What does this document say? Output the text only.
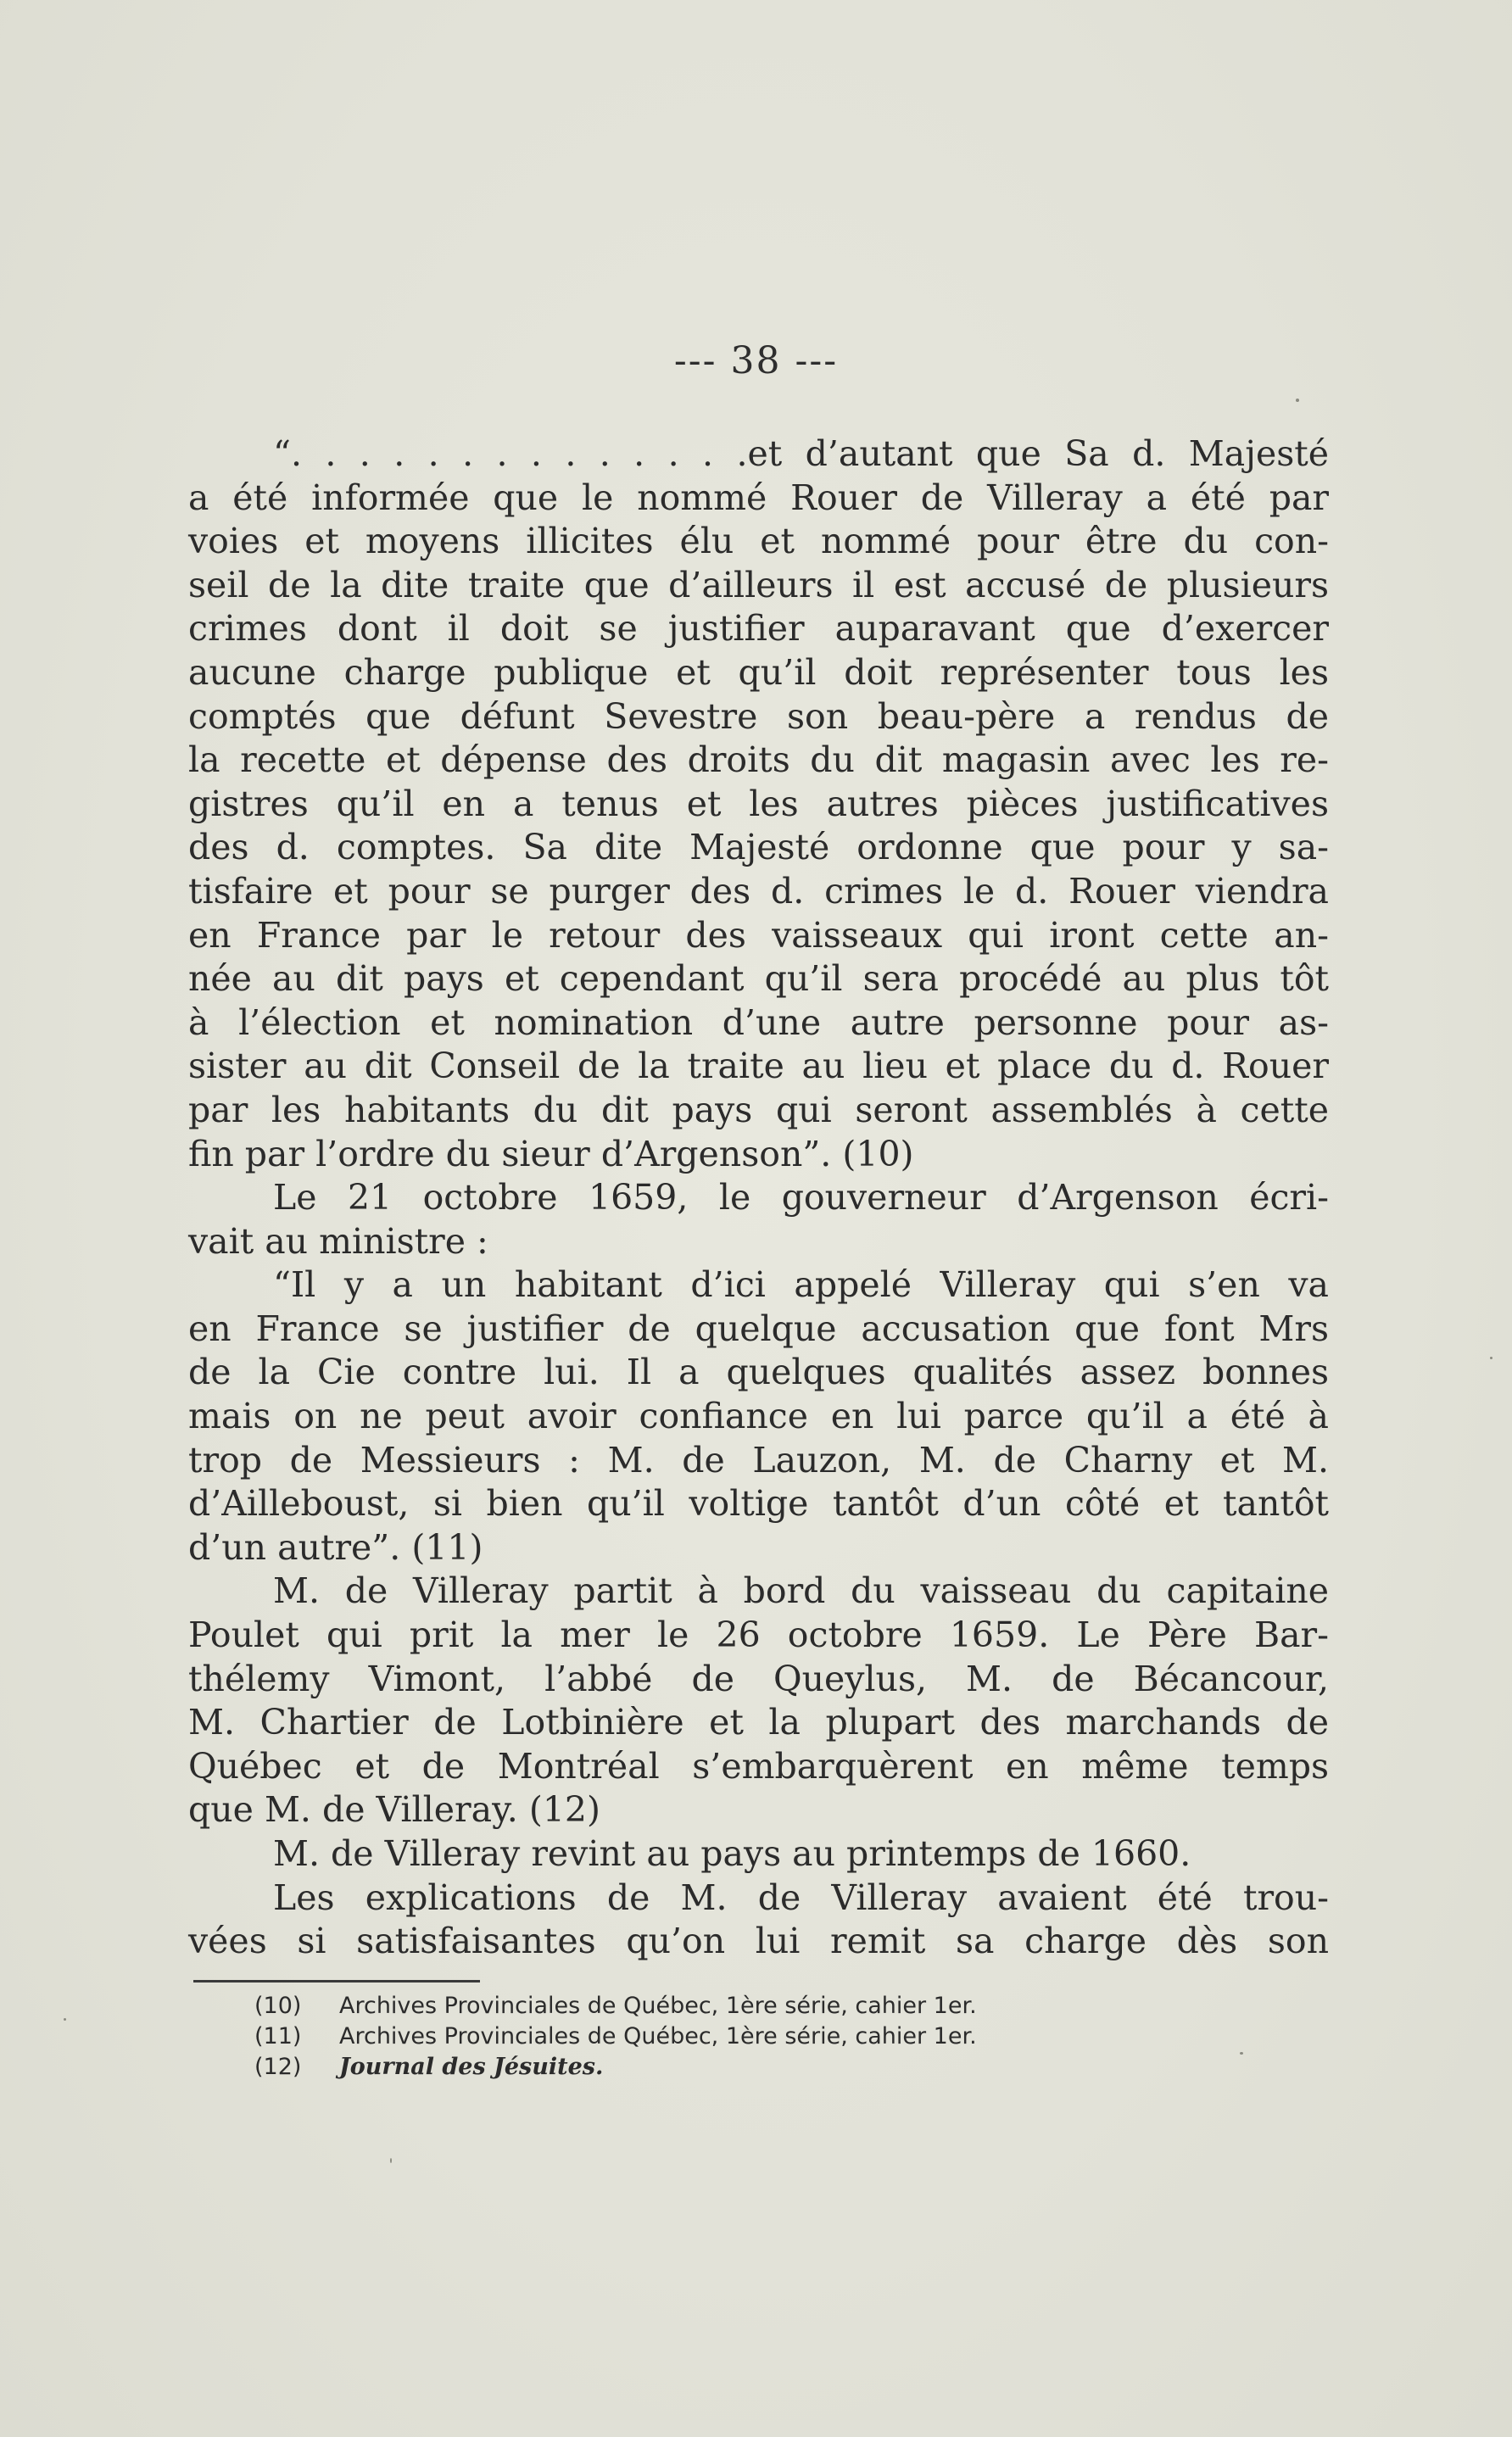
--- 38 ---
“. . . . . . . . . . . . . .et d’autant que Sa d. Majesté
a été informée que le nommé Rouer de Villeray a été par
voies et moyens illicites élu et nommé pour être du con-
seil de la dite traite que d’ailleurs il est accusé de plusieurs
crimes dont il doit se justifier auparavant que d’exercer
aucune charge publique et qu’il doit représenter tous les
comptés que défunt Sevestre son beau-père a rendus de
la recette et dépense des droits du dit magasin avec les re-
gistres qu’il en a tenus et les autres pièces justificatives
des d. comptes. Sa dite Majesté ordonne que pour y sa-
tisfaire et pour se purger des d. crimes le d. Rouer viendra
en France par le retour des vaisseaux qui iront cette an-
née au dit pays et cependant qu’il sera procédé au plus tôt
à l’élection et nomination d’une autre personne pour as-
sister au dit Conseil de la traite au lieu et place du d. Rouer
par les habitants du dit pays qui seront assemblés à cette
fin par l’ordre du sieur d’Argenson”. (10)
Le 21 octobre 1659, le gouverneur d’Argenson écri-
vait au ministre :
“Il y a un habitant d’ici appelé Villeray qui s’en va
en France se justifier de quelque accusation que font Mrs
de la Cie contre lui. Il a quelques qualités assez bonnes
mais on ne peut avoir confiance en lui parce qu’il a été à
trop de Messieurs : M. de Lauzon, M. de Charny et M.
d’Ailleboust, si bien qu’il voltige tantôt d’un côté et tantôt
d’un autre”. (11)
M. de Villeray partit à bord du vaisseau du capitaine
Poulet qui prit la mer le 26 octobre 1659. Le Père Bar-
thélemy Vimont, l’abbé de Queylus, M. de Bécancour,
M. Chartier de Lotbinière et la plupart des marchands de
Québec et de Montréal s’embarquèrent en même temps
que M. de Villeray. (12)
M. de Villeray revint au pays au printemps de 1660.
Les explications de M. de Villeray avaient été trou-
vées si satisfaisantes qu’on lui remit sa charge dès son
(10) Archives Provinciales de Québec, 1ère série, cahier 1er.
(11) Archives Provinciales de Québec, 1ère série, cahier 1er.
(12) Journal des Jésuites.
